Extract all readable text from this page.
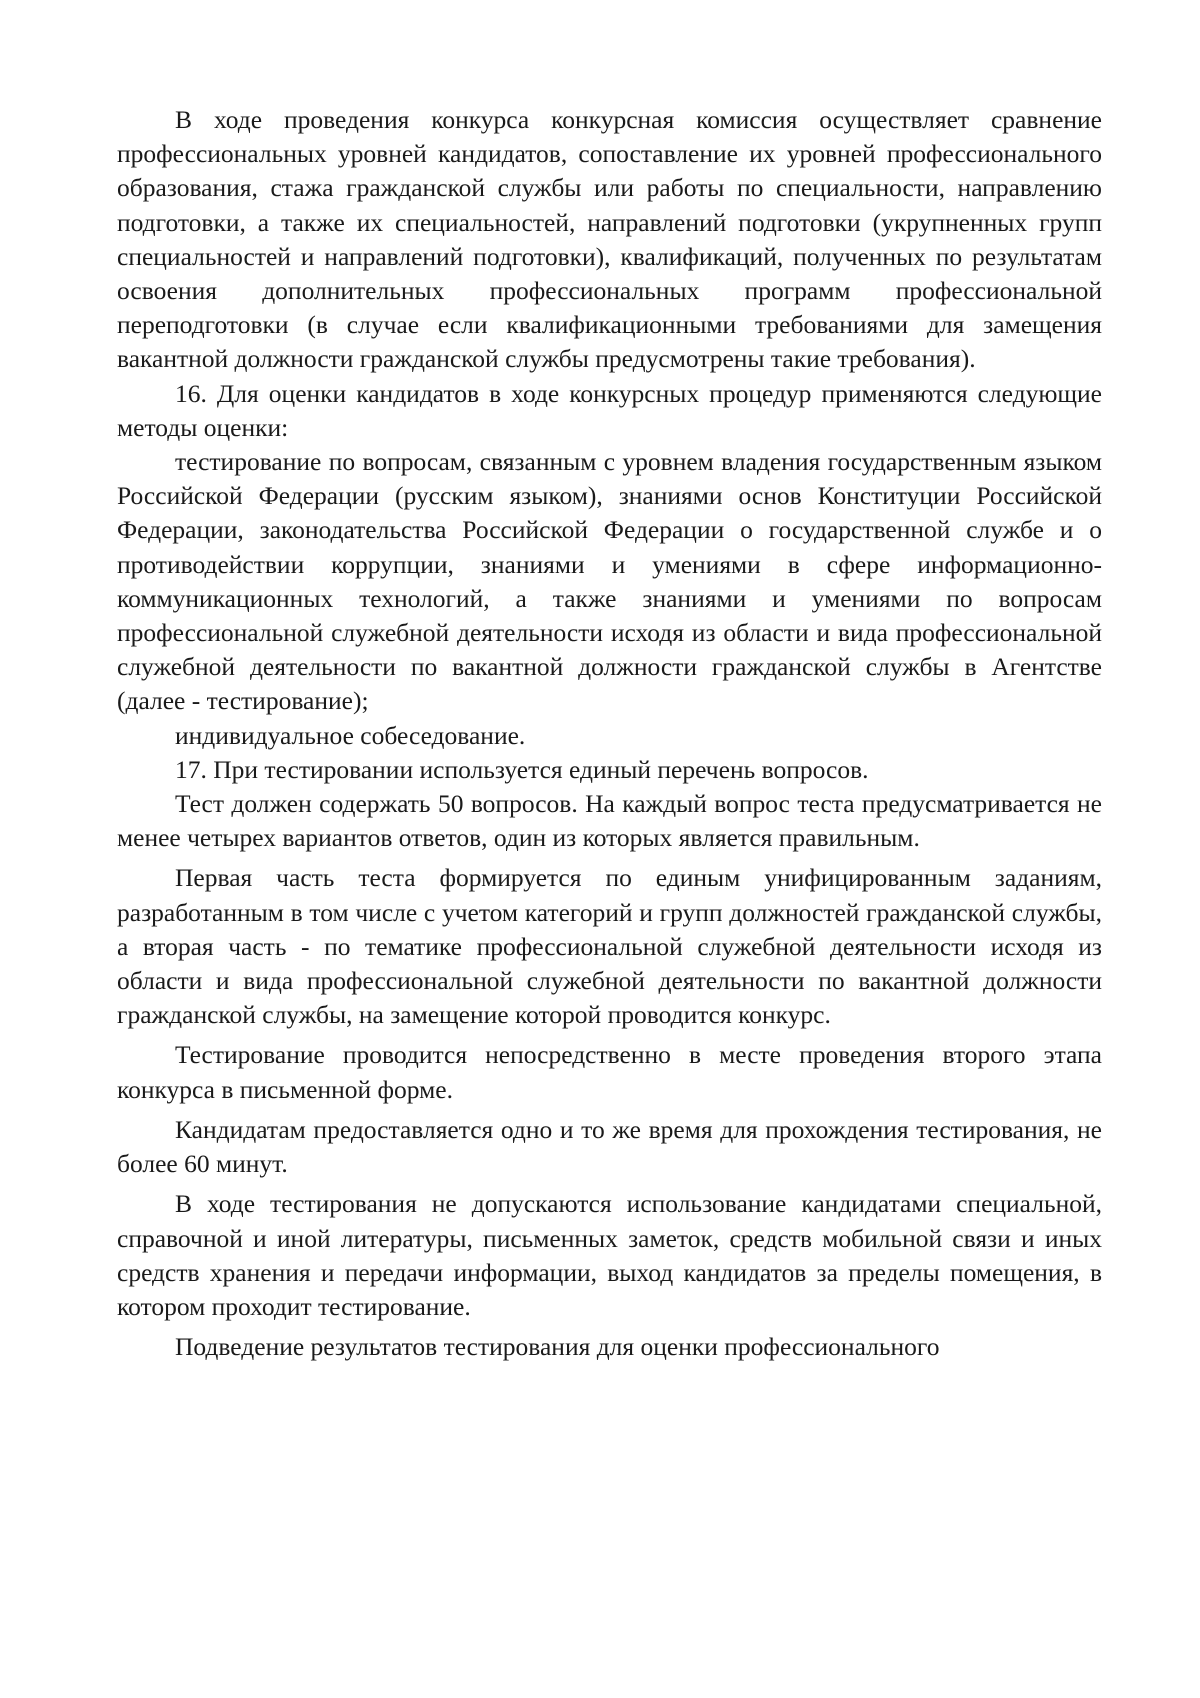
В ходе проведения конкурса конкурсная комиссия осуществляет сравнение профессиональных уровней кандидатов, сопоставление их уровней профессионального образования, стажа гражданской службы или работы по специальности, направлению подготовки, а также их специальностей, направлений подготовки (укрупненных групп специальностей и направлений подготовки), квалификаций, полученных по результатам освоения дополнительных профессиональных программ профессиональной переподготовки (в случае если квалификационными требованиями для замещения вакантной должности гражданской службы предусмотрены такие требования).

16. Для оценки кандидатов в ходе конкурсных процедур применяются следующие методы оценки:

тестирование по вопросам, связанным с уровнем владения государственным языком Российской Федерации (русским языком), знаниями основ Конституции Российской Федерации, законодательства Российской Федерации о государственной службе и о противодействии коррупции, знаниями и умениями в сфере информационно-коммуникационных технологий, а также знаниями и умениями по вопросам профессиональной служебной деятельности исходя из области и вида профессиональной служебной деятельности по вакантной должности гражданской службы в Агентстве (далее - тестирование);

индивидуальное собеседование.

17. При тестировании используется единый перечень вопросов.

Тест должен содержать 50 вопросов. На каждый вопрос теста предусматривается не менее четырех вариантов ответов, один из которых является правильным.

Первая часть теста формируется по единым унифицированным заданиям, разработанным в том числе с учетом категорий и групп должностей гражданской службы, а вторая часть - по тематике профессиональной служебной деятельности исходя из области и вида профессиональной служебной деятельности по вакантной должности гражданской службы, на замещение которой проводится конкурс.

Тестирование проводится непосредственно в месте проведения второго этапа конкурса в письменной форме.

Кандидатам предоставляется одно и то же время для прохождения тестирования, не более 60 минут.

В ходе тестирования не допускаются использование кандидатами специальной, справочной и иной литературы, письменных заметок, средств мобильной связи и иных средств хранения и передачи информации, выход кандидатов за пределы помещения, в котором проходит тестирование.

Подведение результатов тестирования для оценки профессионального
